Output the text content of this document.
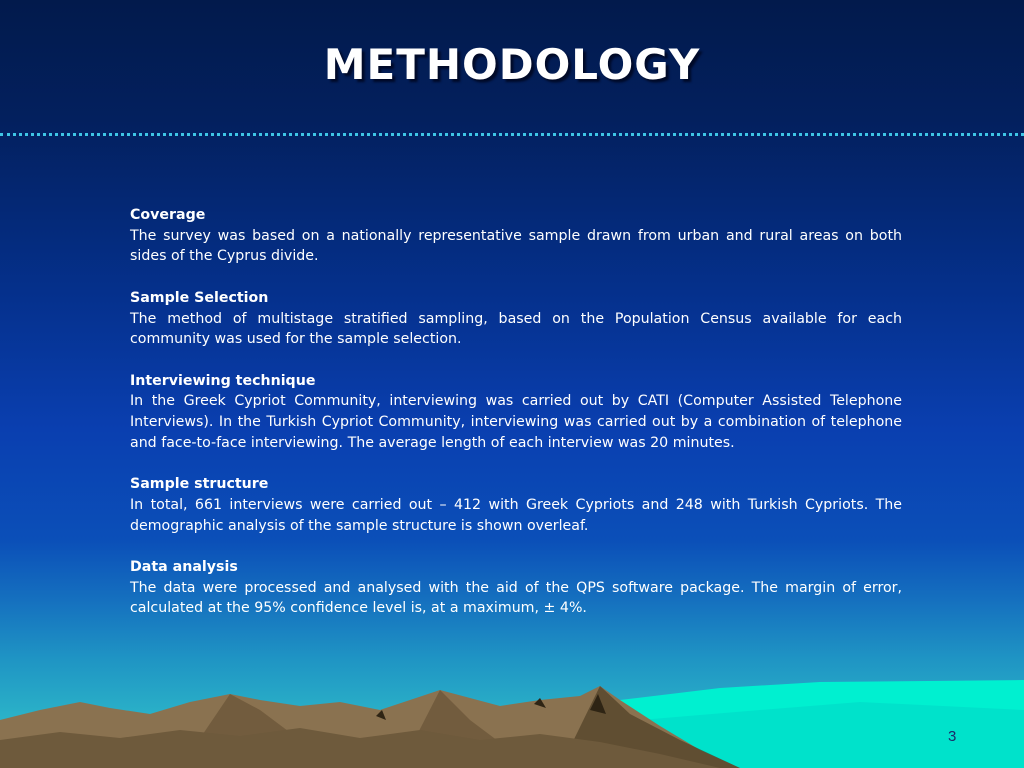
METHODOLOGY
Coverage

The survey was based on a nationally representative sample drawn from urban and rural areas on both sides of the Cyprus divide.

Sample Selection

The method of multistage stratified sampling, based on the Population Census available for each community was used for the sample selection.

Interviewing technique

In the Greek Cypriot Community, interviewing was carried out by CATI (Computer Assisted Telephone Interviews). In the Turkish Cypriot Community, interviewing was carried out by a combination of telephone and face-to-face interviewing. The average length of each interview was 20 minutes.

Sample structure

In total, 661 interviews were carried out – 412 with Greek Cypriots and 248 with Turkish Cypriots. The demographic analysis of the sample structure is shown overleaf.

Data analysis

The data were processed and analysed with the aid of the QPS software package. The margin of error, calculated at the 95% confidence level is, at a maximum, ± 4%.

3
